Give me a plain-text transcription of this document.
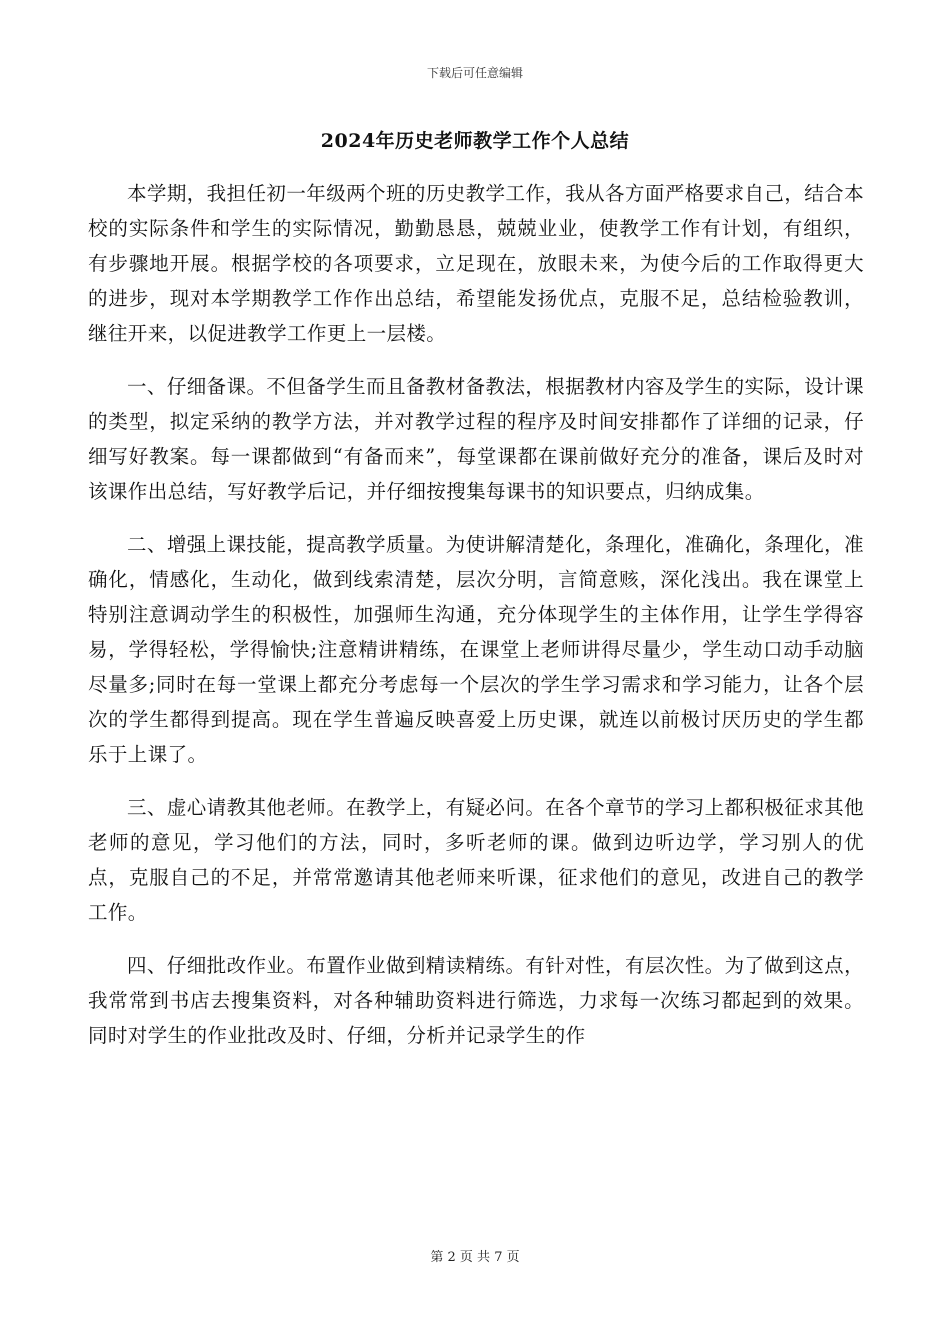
下载后可任意编辑
2024年历史老师教学工作个人总结

本学期，我担任初一年级两个班的历史教学工作，我从各方面严格要求自己，结合本校的实际条件和学生的实际情况，勤勤恳恳，兢兢业业，使教学工作有计划，有组织，有步骤地开展。根据学校的各项要求，立足现在，放眼未来，为使今后的工作取得更大的进步，现对本学期教学工作作出总结，希望能发扬优点，克服不足，总结检验教训，继往开来，以促进教学工作更上一层楼。

一、仔细备课。不但备学生而且备教材备教法，根据教材内容及学生的实际，设计课的类型，拟定采纳的教学方法，并对教学过程的程序及时间安排都作了详细的记录，仔细写好教案。每一课都做到“有备而来”，每堂课都在课前做好充分的准备，课后及时对该课作出总结，写好教学后记，并仔细按搜集每课书的知识要点，归纳成集。

二、增强上课技能，提高教学质量。为使讲解清楚化，条理化，准确化，条理化，准确化，情感化，生动化，做到线索清楚，层次分明，言简意赅，深化浅出。我在课堂上特别注意调动学生的积极性，加强师生沟通，充分体现学生的主体作用，让学生学得容易，学得轻松，学得愉快;注意精讲精练，在课堂上老师讲得尽量少，学生动口动手动脑尽量多;同时在每一堂课上都充分考虑每一个层次的学生学习需求和学习能力，让各个层次的学生都得到提高。现在学生普遍反映喜爱上历史课，就连以前极讨厌历史的学生都乐于上课了。

三、虚心请教其他老师。在教学上，有疑必问。在各个章节的学习上都积极征求其他老师的意见，学习他们的方法，同时，多听老师的课。做到边听边学，学习别人的优点，克服自己的不足，并常常邀请其他老师来听课，征求他们的意见，改进自己的教学工作。

四、仔细批改作业。布置作业做到精读精练。有针对性，有层次性。为了做到这点，我常常到书店去搜集资料，对各种辅助资料进行筛选，力求每一次练习都起到的效果。同时对学生的作业批改及时、仔细，分析并记录学生的作

第 2 页 共 7 页
